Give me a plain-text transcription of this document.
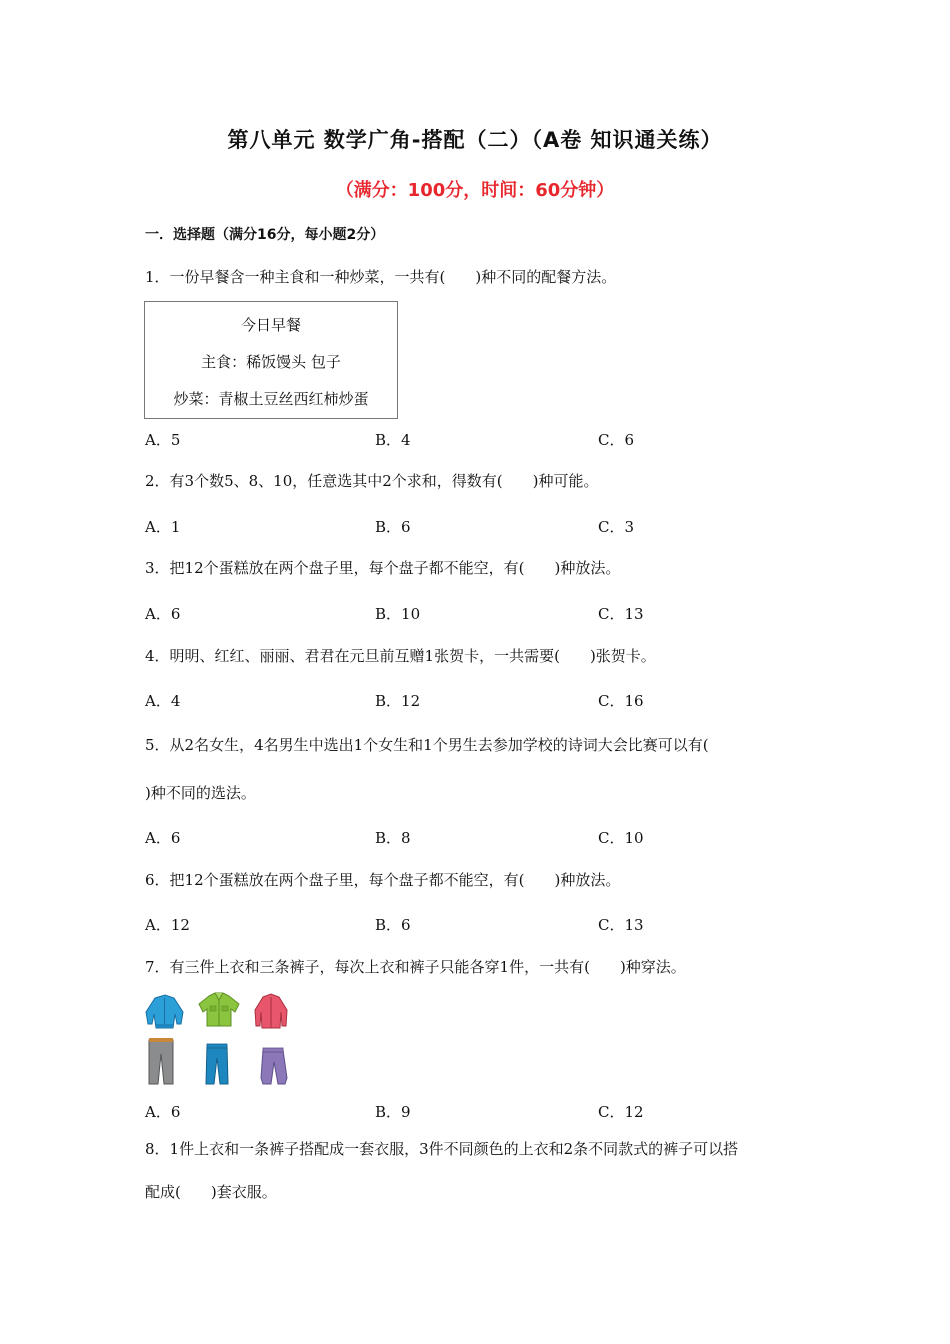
第八单元 数学广角-搭配（二）（A卷 知识通关练）
（满分：100分，时间：60分钟）
一．选择题（满分16分，每小题2分）
1．一份早餐含一种主食和一种炒菜，一共有(　　)种不同的配餐方法。
今日早餐
主食：稀饭馒头 包子
炒菜：青椒土豆丝西红柿炒蛋
A．5	B．4	C．6
2．有3个数5、8、10，任意选其中2个求和，得数有(　　)种可能。
A．1	B．6	C．3
3．把12个蛋糕放在两个盘子里，每个盘子都不能空，有(　　)种放法。
A．6	B．10	C．13
4．明明、红红、丽丽、君君在元旦前互赠1张贺卡，一共需要(　　)张贺卡。
A．4	B．12	C．16
5．从2名女生，4名男生中选出1个女生和1个男生去参加学校的诗词大会比赛可以有(
)种不同的选法。
A．6	B．8	C．10
6．把12个蛋糕放在两个盘子里，每个盘子都不能空，有(　　)种放法。
A．12	B．6	C．13
7．有三件上衣和三条裤子，每次上衣和裤子只能各穿1件，一共有(　　)种穿法。
A．6	B．9	C．12
8．1件上衣和一条裤子搭配成一套衣服，3件不同颜色的上衣和2条不同款式的裤子可以搭
配成(　　)套衣服。
